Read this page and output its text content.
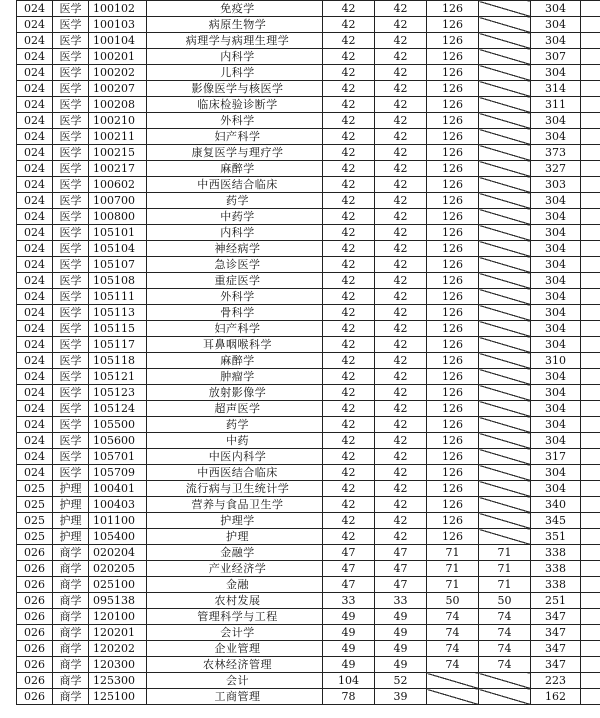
024	医学	100102	免疫学	42	42	126		304	
024	医学	100103	病原生物学	42	42	126		304	
024	医学	100104	病理学与病理生理学	42	42	126		304	
024	医学	100201	内科学	42	42	126		307	
024	医学	100202	儿科学	42	42	126		304	
024	医学	100207	影像医学与核医学	42	42	126		314	
024	医学	100208	临床检验诊断学	42	42	126		311	
024	医学	100210	外科学	42	42	126		304	
024	医学	100211	妇产科学	42	42	126		304	
024	医学	100215	康复医学与理疗学	42	42	126		373	
024	医学	100217	麻醉学	42	42	126		327	
024	医学	100602	中西医结合临床	42	42	126		303	
024	医学	100700	药学	42	42	126		304	
024	医学	100800	中药学	42	42	126		304	
024	医学	105101	内科学	42	42	126		304	
024	医学	105104	神经病学	42	42	126		304	
024	医学	105107	急诊医学	42	42	126		304	
024	医学	105108	重症医学	42	42	126		304	
024	医学	105111	外科学	42	42	126		304	
024	医学	105113	骨科学	42	42	126		304	
024	医学	105115	妇产科学	42	42	126		304	
024	医学	105117	耳鼻咽喉科学	42	42	126		304	
024	医学	105118	麻醉学	42	42	126		310	
024	医学	105121	肿瘤学	42	42	126		304	
024	医学	105123	放射影像学	42	42	126		304	
024	医学	105124	超声医学	42	42	126		304	
024	医学	105500	药学	42	42	126		304	
024	医学	105600	中药	42	42	126		304	
024	医学	105701	中医内科学	42	42	126		317	
024	医学	105709	中西医结合临床	42	42	126		304	
025	护理	100401	流行病与卫生统计学	42	42	126		304	
025	护理	100403	营养与食品卫生学	42	42	126		340	
025	护理	101100	护理学	42	42	126		345	
025	护理	105400	护理	42	42	126		351	
026	商学	020204	金融学	47	47	71	71	338	
026	商学	020205	产业经济学	47	47	71	71	338	
026	商学	025100	金融	47	47	71	71	338	
026	商学	095138	农村发展	33	33	50	50	251	
026	商学	120100	管理科学与工程	49	49	74	74	347	
026	商学	120201	会计学	49	49	74	74	347	
026	商学	120202	企业管理	49	49	74	74	347	
026	商学	120300	农林经济管理	49	49	74	74	347	
026	商学	125300	会计	104	52			223	
026	商学	125100	工商管理	78	39			162	
